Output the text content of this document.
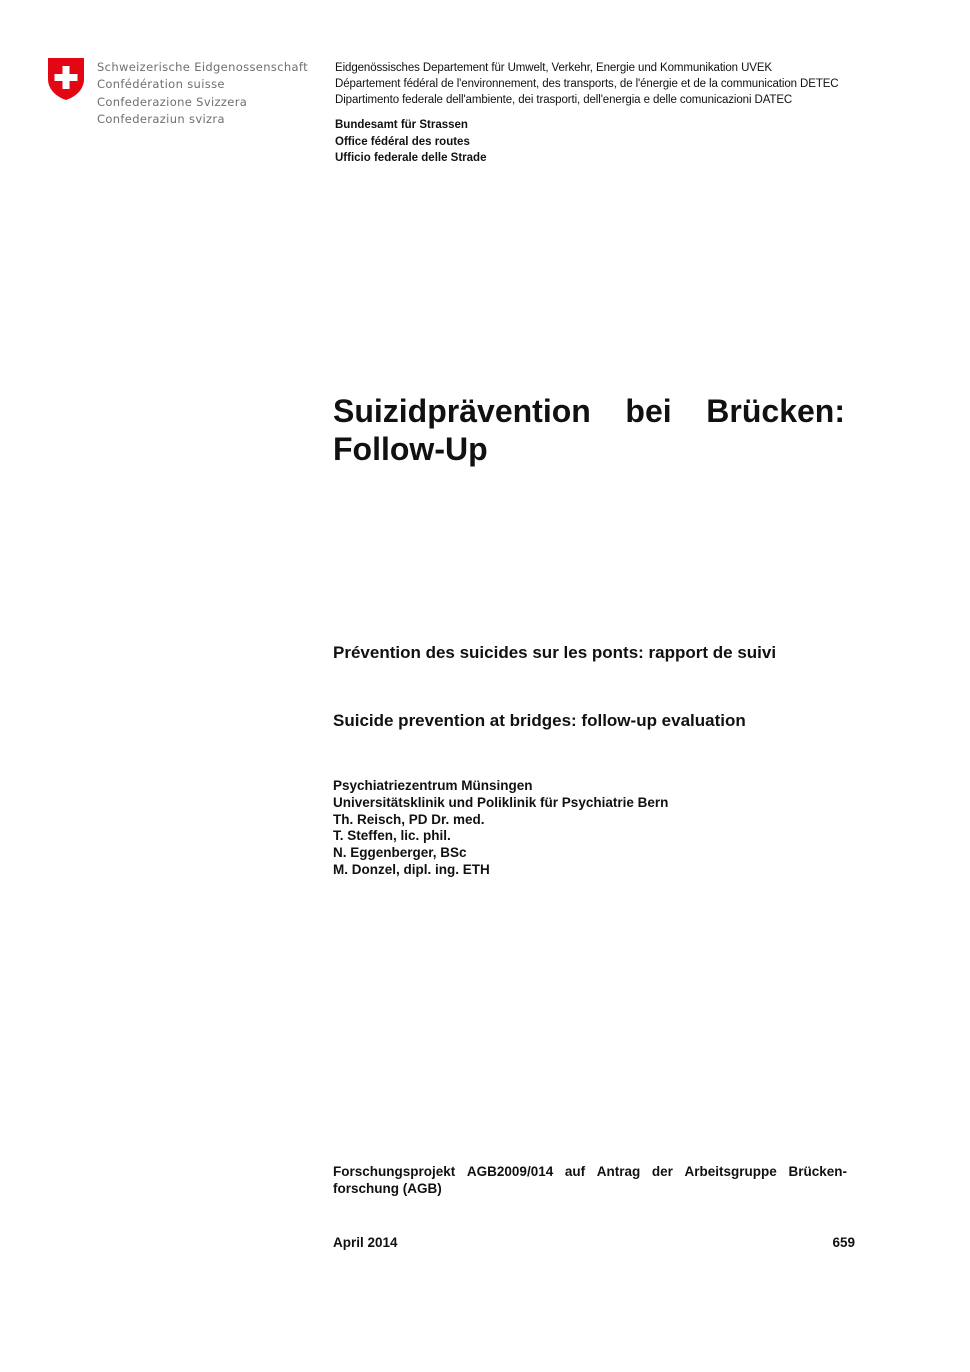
Schweizerische Eidgenossenschaft
Confédération suisse
Confederazione Svizzera
Confederaziun svizra
Eidgenössisches Departement für Umwelt, Verkehr, Energie und Kommunikation UVEK
Département fédéral de l'environnement, des transports, de l'énergie et de la communication DETEC
Dipartimento federale dell'ambiente, dei trasporti, dell'energia e delle comunicazioni DATEC
Bundesamt für Strassen
Office fédéral des routes
Ufficio federale delle Strade
Suizidprävention bei Brücken:
Follow-Up
Prévention des suicides sur les ponts: rapport de suivi
Suicide prevention at bridges: follow-up evaluation
Psychiatriezentrum Münsingen
Universitätsklinik und Poliklinik für Psychiatrie Bern
Th. Reisch, PD Dr. med.
T. Steffen, lic. phil.
N. Eggenberger, BSc
M. Donzel, dipl. ing. ETH
Forschungsprojekt AGB2009/014 auf Antrag der Arbeitsgruppe Brücken-
forschung (AGB)
April 2014	659
